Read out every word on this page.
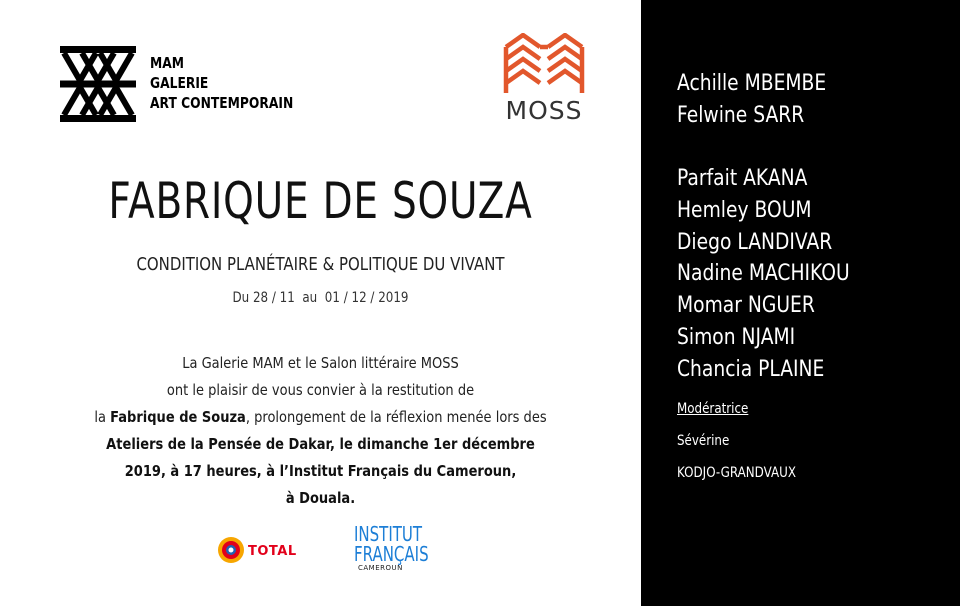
MAM
GALERIE
ART CONTEMPORAIN	MOSS
FABRIQUE DE SOUZA
CONDITION PLANÉTAIRE & POLITIQUE DU VIVANT
Du 28 / 11  au  01 / 12 / 2019
La Galerie MAM et le Salon littéraire MOSS
ont le plaisir de vous convier à la restitution de
la Fabrique de Souza, prolongement de la réflexion menée lors des
Ateliers de la Pensée de Dakar, le dimanche 1er décembre
2019, à 17 heures, à l’Institut Français du Cameroun,
à Douala.
TOTAL
INSTITUT
FRANÇAIS
CAMEROUN
Achille MBEMBE
Felwine SARR
Parfait AKANA
Hemley BOUM
Diego LANDIVAR
Nadine MACHIKOU
Momar NGUER
Simon NJAMI
Chancia PLAINE
Modératrice
Sévérine
KODJO-GRANDVAUX
